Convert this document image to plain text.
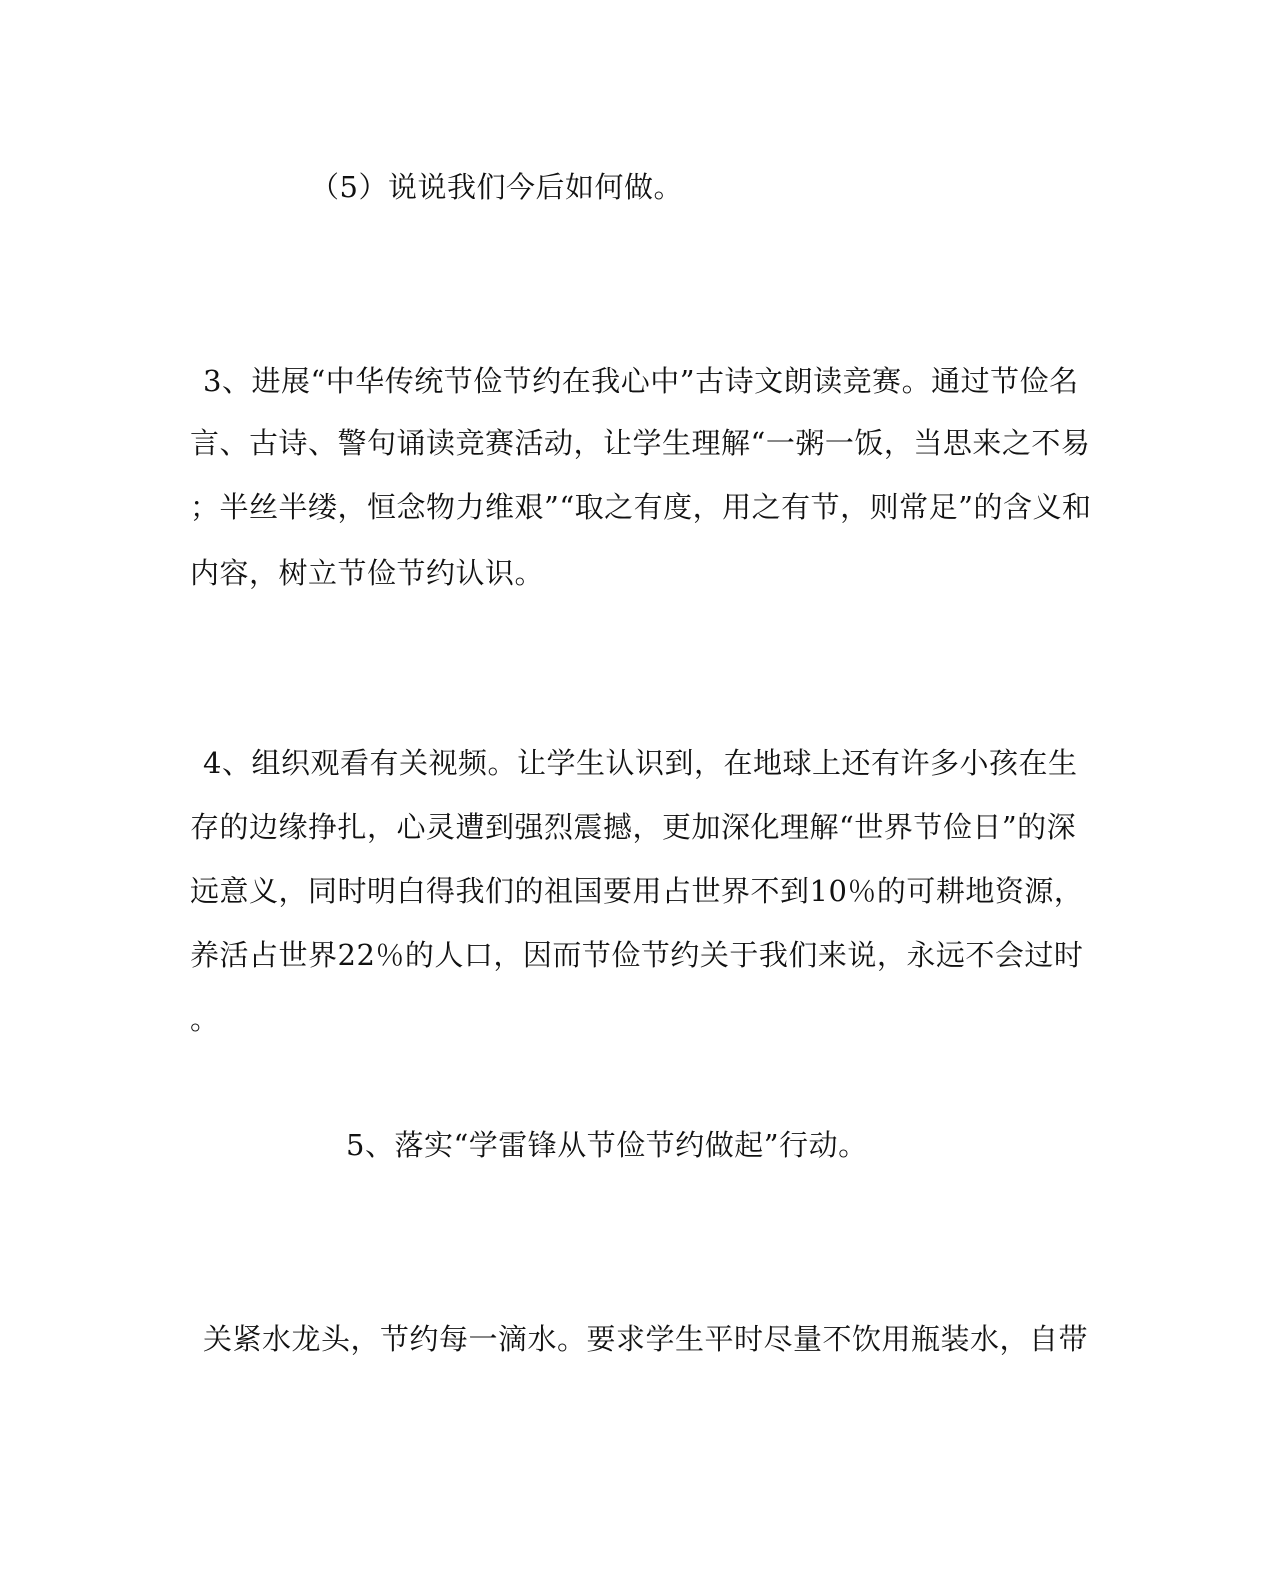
（5）说说我们今后如何做。
3、进展“中华传统节俭节约在我心中”古诗文朗读竞赛。通过节俭名
言、古诗、警句诵读竞赛活动，让学生理解“一粥一饭，当思来之不易
；半丝半缕，恒念物力维艰”“取之有度，用之有节，则常足”的含义和
内容，树立节俭节约认识。
4、组织观看有关视频。让学生认识到，在地球上还有许多小孩在生
存的边缘挣扎，心灵遭到强烈震撼，更加深化理解“世界节俭日”的深
远意义，同时明白得我们的祖国要用占世界不到10％的可耕地资源，
养活占世界22％的人口，因而节俭节约关于我们来说，永远不会过时
。
5、落实“学雷锋从节俭节约做起”行动。
关紧水龙头，节约每一滴水。要求学生平时尽量不饮用瓶装水，自带
